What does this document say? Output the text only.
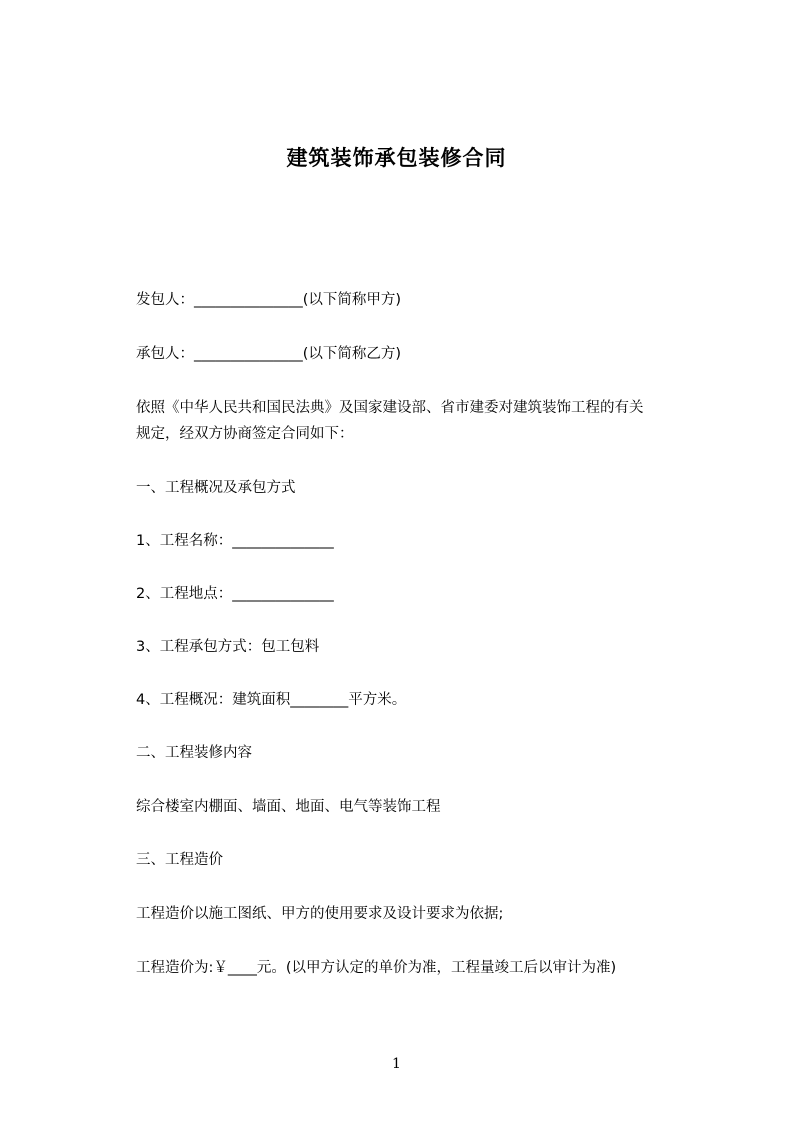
建筑装饰承包装修合同
发包人：_______________(以下简称甲方)
承包人：_______________(以下简称乙方)
依照《中华人民共和国民法典》及国家建设部、省市建委对建筑装饰工程的有关
规定，经双方协商签定合同如下：
一、工程概况及承包方式
1、工程名称：______________
2、工程地点：______________
3、工程承包方式：包工包料
4、工程概况：建筑面积________平方米。
二、工程装修内容
综合楼室内棚面、墙面、地面、电气等装饰工程
三、工程造价
工程造价以施工图纸、甲方的使用要求及设计要求为依据;
工程造价为:￥____元。(以甲方认定的单价为准，工程量竣工后以审计为准)
1
